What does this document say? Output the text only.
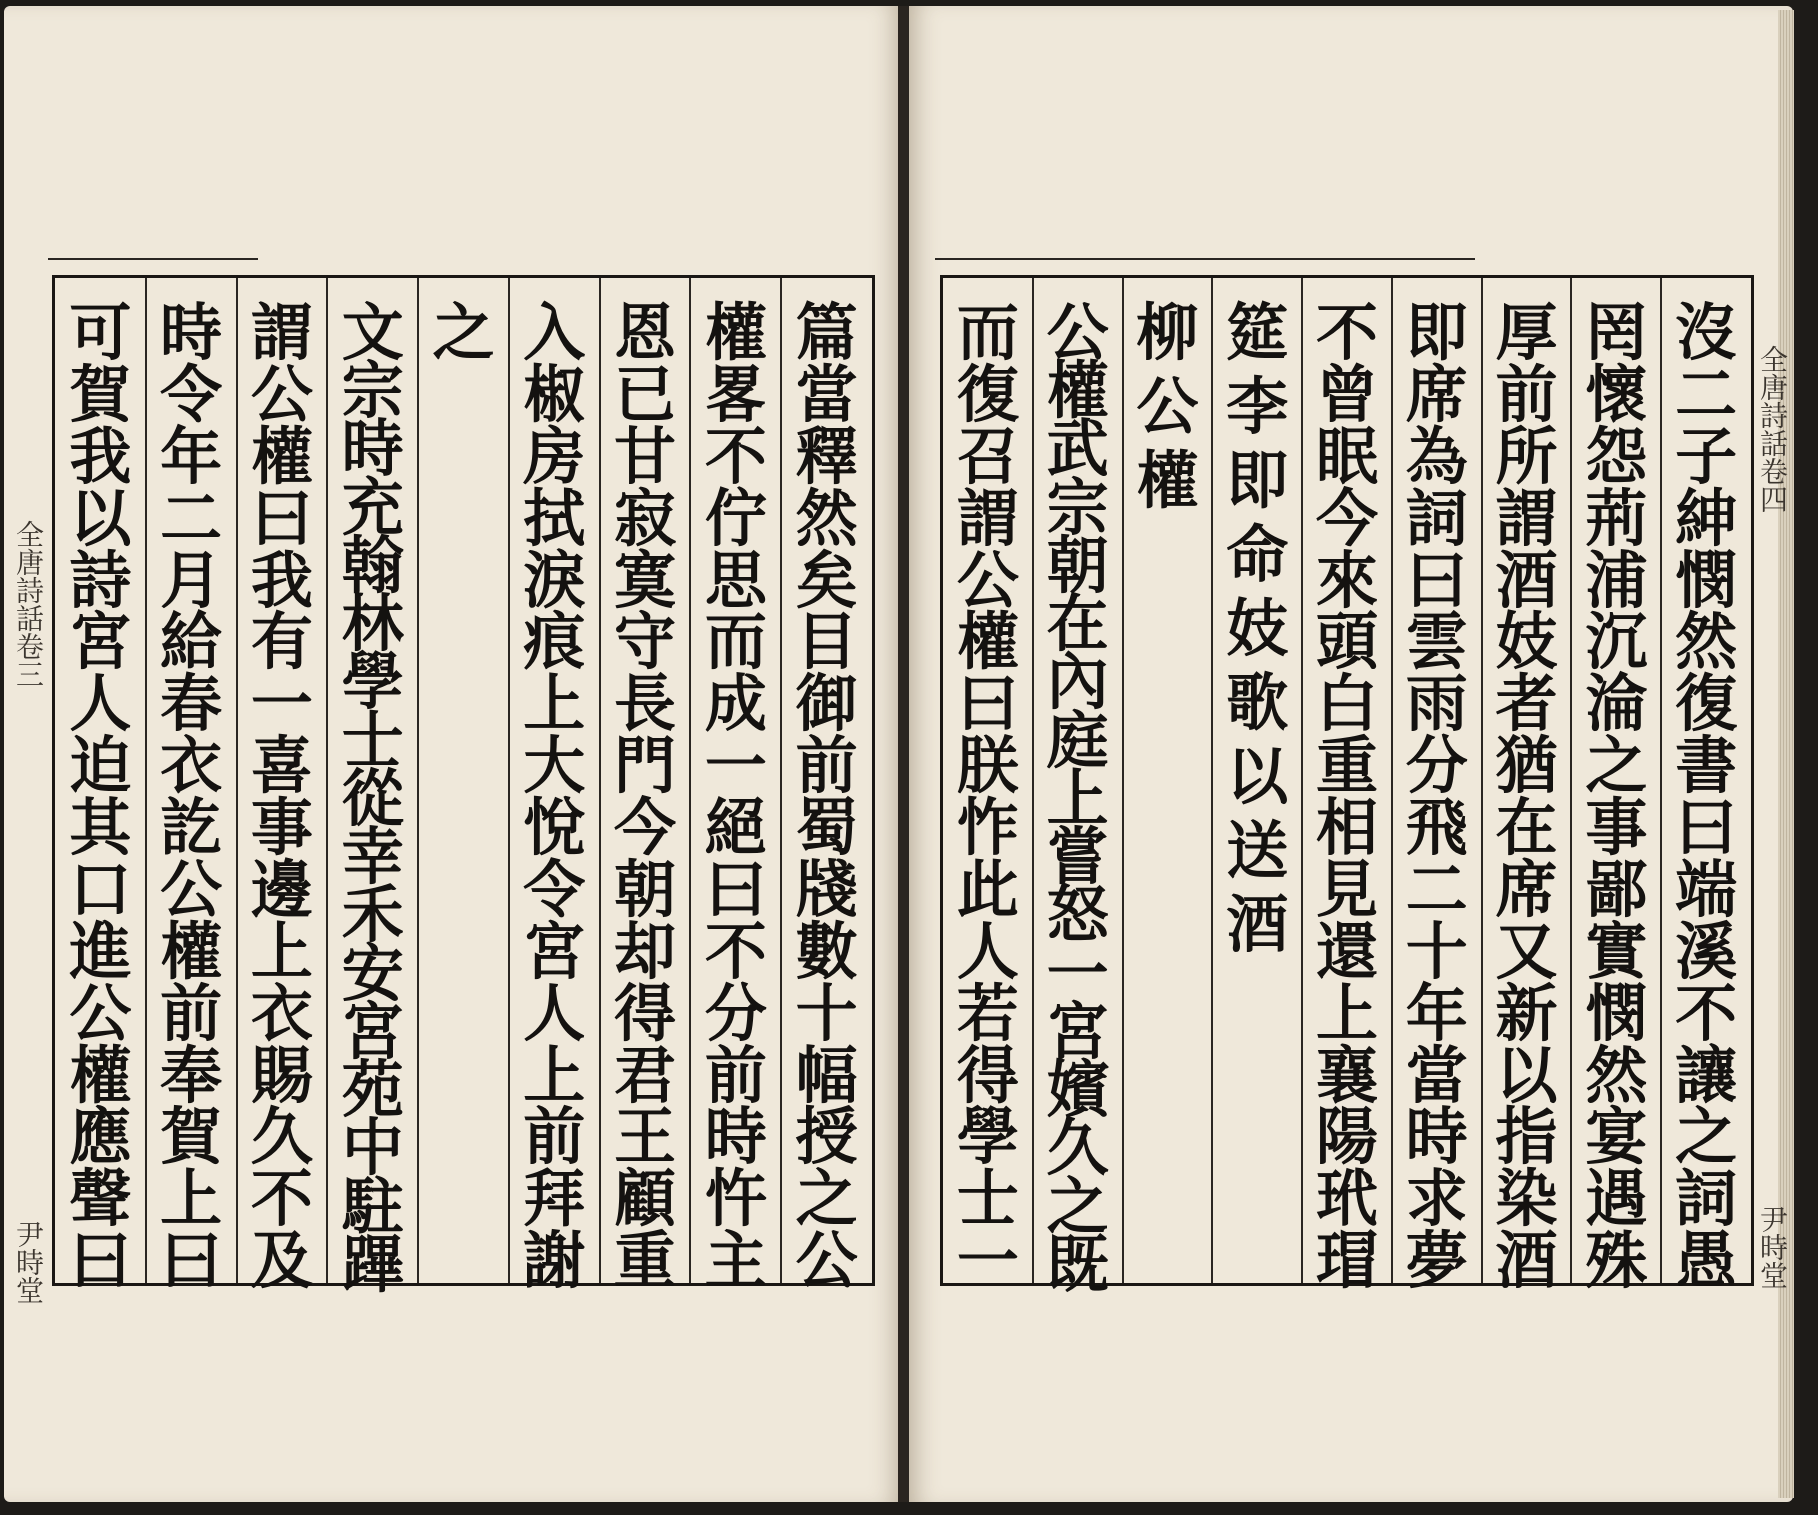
全唐詩話卷三
尹時堂
全唐詩話卷四
尹時堂
篇
當
釋
然
矣
目
御
前
蜀
牋
數
十
幅
授
之
公
權
畧
不
佇
思
而
成
一
絕
曰
不
分
前
時
忤
主
恩
已
甘
寂
寞
守
長
門
今
朝
却
得
君
王
顧
重
入
椒
房
拭
淚
痕
上
大
悅
令
宮
人
上
前
拜
謝
之
文
宗
時
充
翰
林
學
士
從
幸
禾
安
宮
苑
中
駐
蹕
謂
公
權
曰
我
有
一
喜
事
邊
上
衣
賜
久
不
及
時
令
年
二
月
給
春
衣
訖
公
權
前
奉
賀
上
曰
可
賀
我
以
詩
宮
人
迫
其
口
進
公
權
應
聲
曰
沒
二
子
紳
憫
然
復
書
曰
端
溪
不
讓
之
詞
愚
罔
懷
怨
荊
浦
沉
淪
之
事
鄙
實
憫
然
宴
遇
殊
厚
前
所
謂
酒
妓
者
猶
在
席
又
新
以
指
染
酒
即
席
為
詞
曰
雲
雨
分
飛
二
十
年
當
時
求
夢
不
曾
眠
今
來
頭
白
重
相
見
還
上
襄
陽
玳
瑁
筵
李
即
命
妓
歌
以
送
酒
柳
公
權
公
權
武
宗
朝
在
內
庭
上
嘗
怒
一
宮
嬪
久
之
既
而
復
召
謂
公
權
曰
朕
怍
此
人
若
得
學
士
一
